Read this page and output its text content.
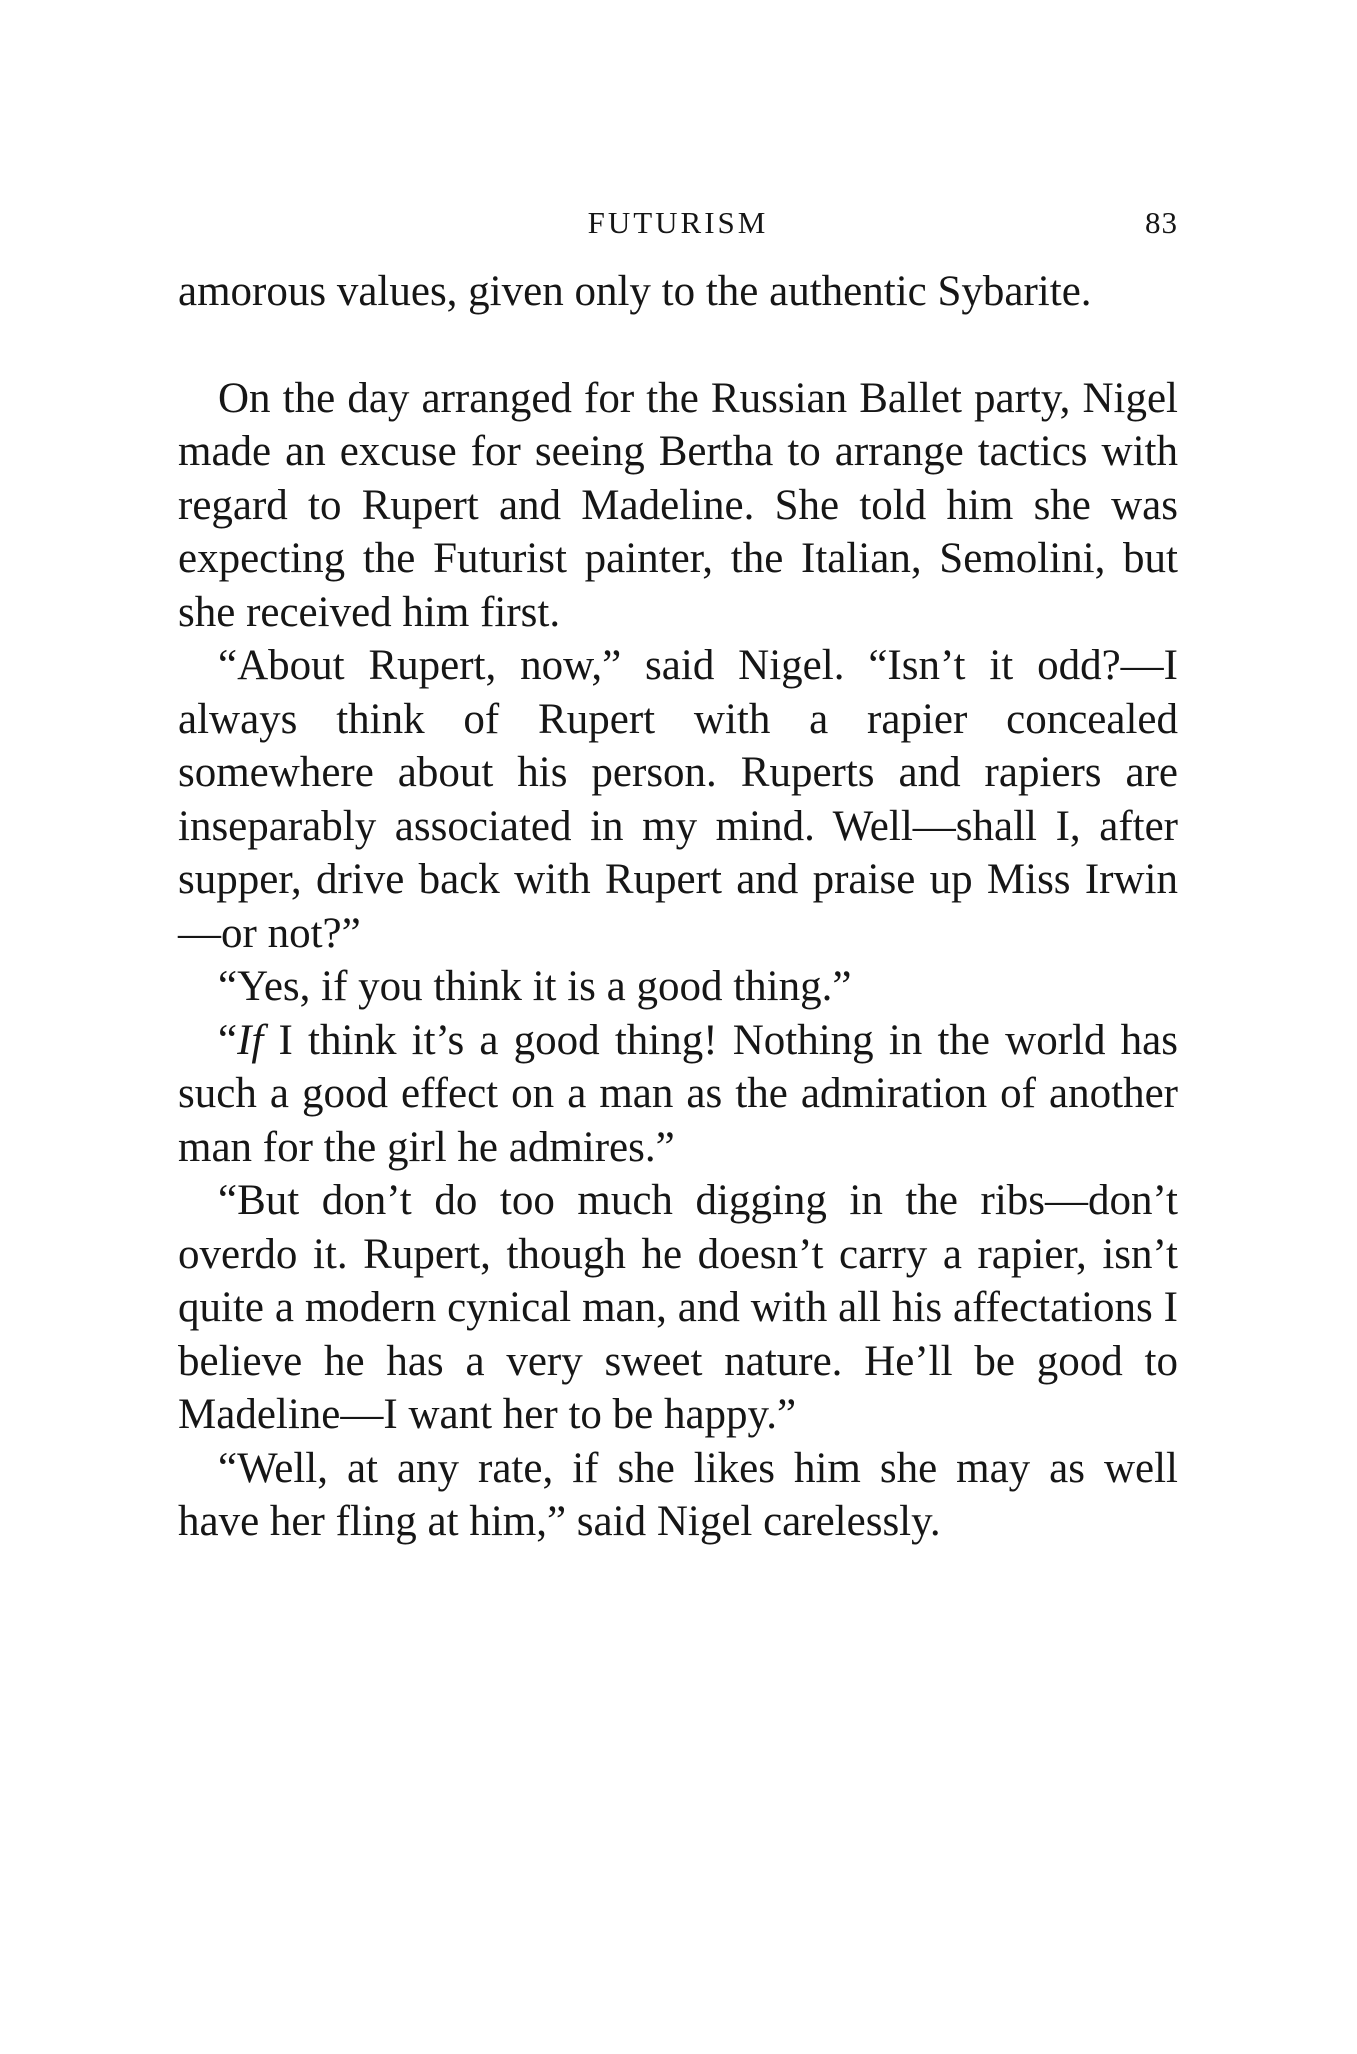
FUTURISM	83

amorous values, given only to the authentic Sybarite.

On the day arranged for the Russian Ballet party, Nigel made an excuse for seeing Bertha to arrange tactics with regard to Rupert and Madeline. She told him she was expecting the Futurist painter, the Italian, Semolini, but she received him first.

“About Rupert, now,” said Nigel. “Isn’t it odd?—I always think of Rupert with a rapier concealed somewhere about his person. Ruperts and rapiers are inseparably associated in my mind. Well—shall I, after supper, drive back with Rupert and praise up Miss Irwin—or not?”

“Yes, if you think it is a good thing.”

“If I think it’s a good thing! Nothing in the world has such a good effect on a man as the admiration of another man for the girl he admires.”

“But don’t do too much digging in the ribs—don’t overdo it. Rupert, though he doesn’t carry a rapier, isn’t quite a modern cynical man, and with all his affectations I believe he has a very sweet nature. He’ll be good to Madeline—I want her to be happy.”

“Well, at any rate, if she likes him she may as well have her fling at him,” said Nigel carelessly.
